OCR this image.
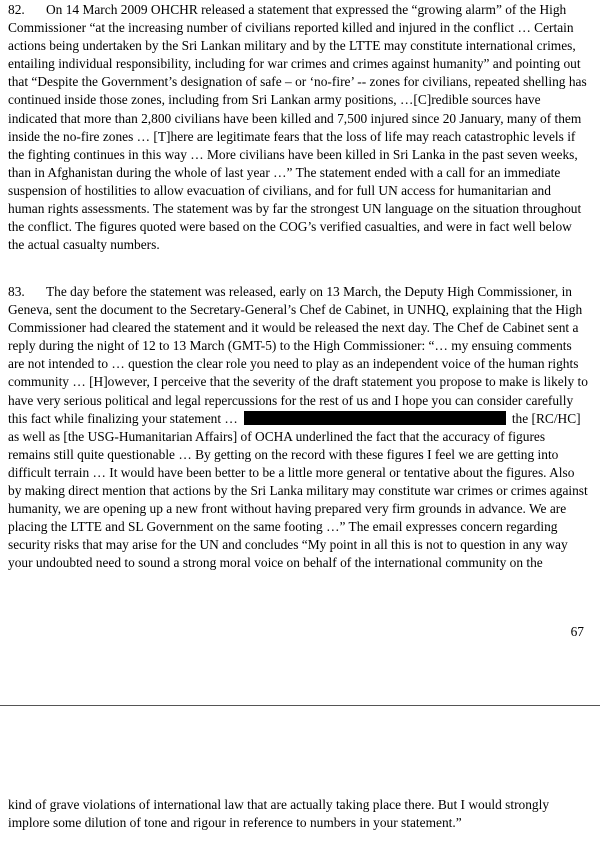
82. On 14 March 2009 OHCHR released a statement that expressed the “growing alarm” of the High Commissioner “at the increasing number of civilians reported killed and injured in the conflict … Certain actions being undertaken by the Sri Lankan military and by the LTTE may constitute international crimes, entailing individual responsibility, including for war crimes and crimes against humanity” and pointing out that “Despite the Government’s designation of safe – or ‘no-fire’ -- zones for civilians, repeated shelling has continued inside those zones, including from Sri Lankan army positions, …[C]redible sources have indicated that more than 2,800 civilians have been killed and 7,500 injured since 20 January, many of them inside the no-fire zones … [T]here are legitimate fears that the loss of life may reach catastrophic levels if the fighting continues in this way … More civilians have been killed in Sri Lanka in the past seven weeks, than in Afghanistan during the whole of last year …” The statement ended with a call for an immediate suspension of hostilities to allow evacuation of civilians, and for full UN access for humanitarian and human rights assessments. The statement was by far the strongest UN language on the situation throughout the conflict. The figures quoted were based on the COG’s verified casualties, and were in fact well below the actual casualty numbers.

83. The day before the statement was released, early on 13 March, the Deputy High Commissioner, in Geneva, sent the document to the Secretary-General’s Chef de Cabinet, in UNHQ, explaining that the High Commissioner had cleared the statement and it would be released the next day. The Chef de Cabinet sent a reply during the night of 12 to 13 March (GMT-5) to the High Commissioner: “… my ensuing comments are not intended to … question the clear role you need to play as an independent voice of the human rights community … [H]owever, I perceive that the severity of the draft statement you propose to make is likely to have very serious political and legal repercussions for the rest of us and I hope you can consider carefully this fact while finalizing your statement …	the [RC/HC] as well as [the USG-Humanitarian Affairs] of OCHA underlined the fact that the accuracy of figures remains still quite questionable … By getting on the record with these figures I feel we are getting into difficult terrain … It would have been better to be a little more general or tentative about the figures. Also by making direct mention that actions by the Sri Lanka military may constitute war crimes or crimes against humanity, we are opening up a new front without having prepared very firm grounds in advance. We are placing the LTTE and SL Government on the same footing …” The email expresses concern regarding security risks that may arise for the UN and concludes “My point in all this is not to question in any way your undoubted need to sound a strong moral voice on behalf of the international community on the

67

kind of grave violations of international law that are actually taking place there. But I would strongly implore some dilution of tone and rigour in reference to numbers in your statement.”
